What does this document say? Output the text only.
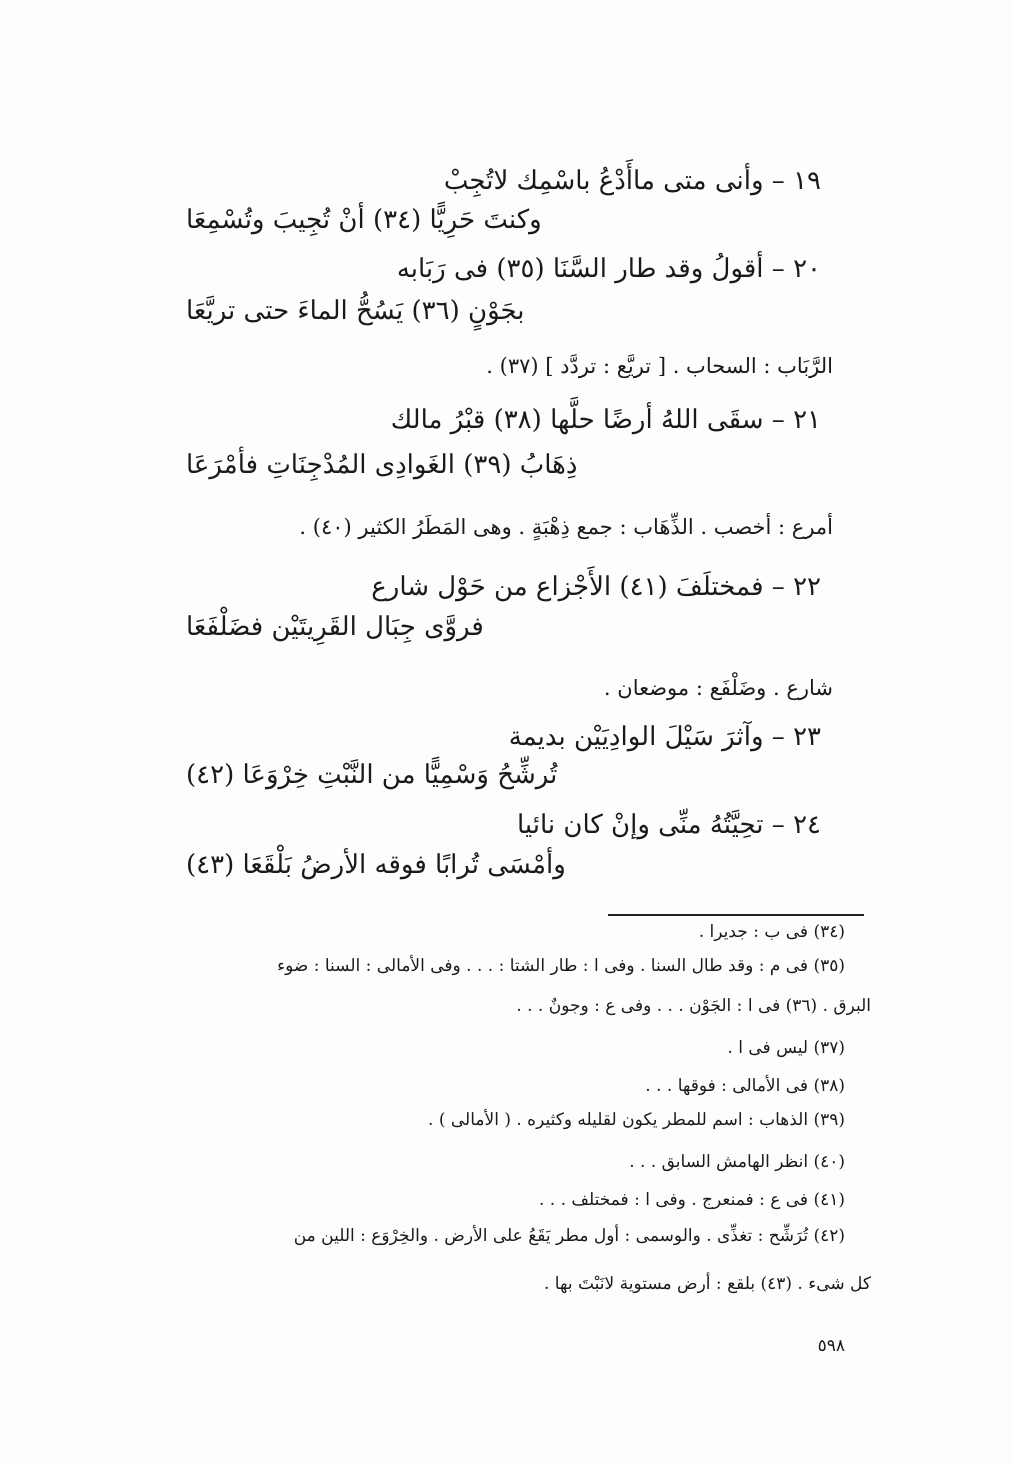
١٩ – وأنى متى ماأَدْعُ باسْمِك لاتُجِبْ
وكنتَ حَرِيًّا (٣٤) أنْ تُجِيبَ وتُسْمِعَا
٢٠ – أقولُ وقد طار السَّنَا (٣٥) فى رَبَابه
بجَوْنٍ (٣٦) يَسُحُّ الماءَ حتى تريَّعَا
الرَّبَاب : السحاب . [ تريَّع : تردَّد ] (٣٧) .
٢١ – سقَى اللهُ أرضًا حلَّها (٣٨) قبْرُ مالك
ذِهَابُ (٣٩) الغَوادِى المُدْجِنَاتِ فأمْرَعَا
أمرع : أخصب . الذِّهَاب : جمع ذِهْبَةٍ . وهى المَطَرُ الكثير (٤٠) .
٢٢ – فمختلَفَ (٤١) الأَجْزاع من حَوْل شارع
فروَّى جِبَال القَرِيتَيْن فضَلْفَعَا
شارع . وضَلْفَع : موضعان .
٢٣ – وآثرَ سَيْلَ الوادِيَيْن بديمة
تُرشِّحُ وَسْمِيًّا من النَّبْتِ خِرْوَعَا (٤٢)
٢٤ – تحِيَّتُهُ منِّى وإنْ كان نائيا
وأمْسَى تُرابًا فوقه الأرضُ بَلْقَعَا (٤٣)
(٣٤) فى ب : جديرا .
(٣٥) فى م : وقد طال السنا . وفى ا : طار الشتا : . . . وفى الأمالى : السنا : ضوء
البرق . (٣٦) فى ا : الجَوْن . . . وفى ع : وجونٌ . . .
(٣٧) ليس فى ا .
(٣٨) فى الأمالى : فوقها . . .
(٣٩) الذهاب : اسم للمطر يكون لقليله وكثيره . ( الأمالى ) .
(٤٠) انظر الهامش السابق . . .
(٤١) فى ع : فمنعرج . وفى ا : فمختلف . . .
(٤٢) تُرَشِّح : تغذِّى . والوسمى : أول مطر يَقَعُ على الأرض . والخِرْوَع : اللين من
كل شىء . (٤٣) بلقع : أرض مستوية لانَبْتَ بها .
٥٩٨
